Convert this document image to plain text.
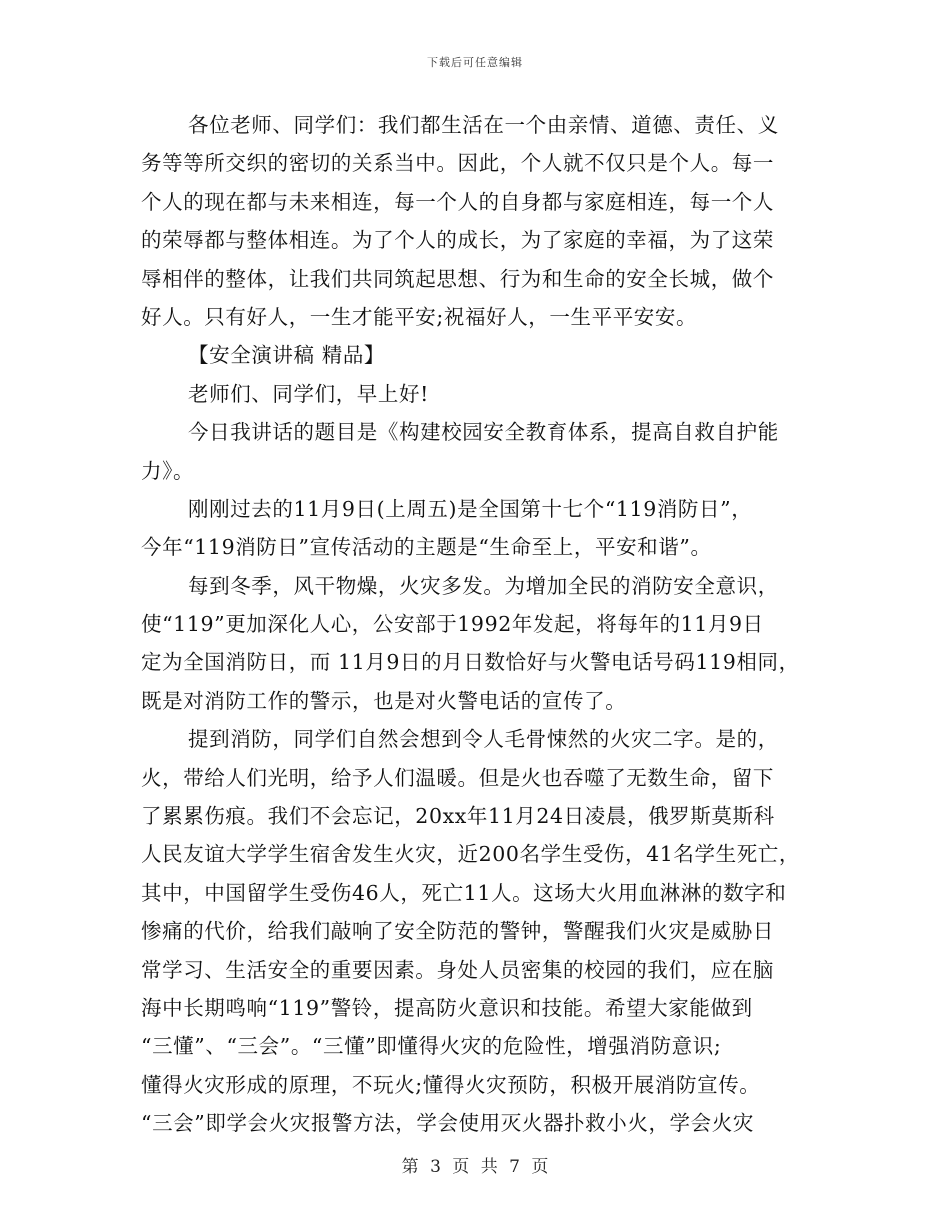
下载后可任意编辑
各位老师、同学们：我们都生活在一个由亲情、道德、责任、义
务等等所交织的密切的关系当中。因此，个人就不仅只是个人。每一
个人的现在都与未来相连，每一个人的自身都与家庭相连，每一个人
的荣辱都与整体相连。为了个人的成长，为了家庭的幸福，为了这荣
辱相伴的整体，让我们共同筑起思想、行为和生命的安全长城，做个
好人。只有好人，一生才能平安;祝福好人，一生平平安安。
【安全演讲稿 精品】
老师们、同学们，早上好!
今日我讲话的题目是《构建校园安全教育体系，提高自救自护能
力》。
刚刚过去的11月9日(上周五)是全国第十七个“119消防日”，
今年“119消防日”宣传活动的主题是“生命至上，平安和谐”。
每到冬季，风干物燥，火灾多发。为增加全民的消防安全意识，
使“119”更加深化人心，公安部于1992年发起，将每年的11月9日
定为全国消防日，而 11月9日的月日数恰好与火警电话号码119相同，
既是对消防工作的警示，也是对火警电话的宣传了。
提到消防，同学们自然会想到令人毛骨悚然的火灾二字。是的，
火，带给人们光明，给予人们温暖。但是火也吞噬了无数生命，留下
了累累伤痕。我们不会忘记，20xx年11月24日凌晨，俄罗斯莫斯科
人民友谊大学学生宿舍发生火灾，近200名学生受伤，41名学生死亡，
其中，中国留学生受伤46人，死亡11人。这场大火用血淋淋的数字和
惨痛的代价，给我们敲响了安全防范的警钟，警醒我们火灾是威胁日
常学习、生活安全的重要因素。身处人员密集的校园的我们，应在脑
海中长期鸣响“119”警铃，提高防火意识和技能。希望大家能做到
“三懂”、“三会”。“三懂”即懂得火灾的危险性，增强消防意识;
懂得火灾形成的原理，不玩火;懂得火灾预防，积极开展消防宣传。
“三会”即学会火灾报警方法，学会使用灭火器扑救小火，学会火灾
第 3 页 共 7 页
